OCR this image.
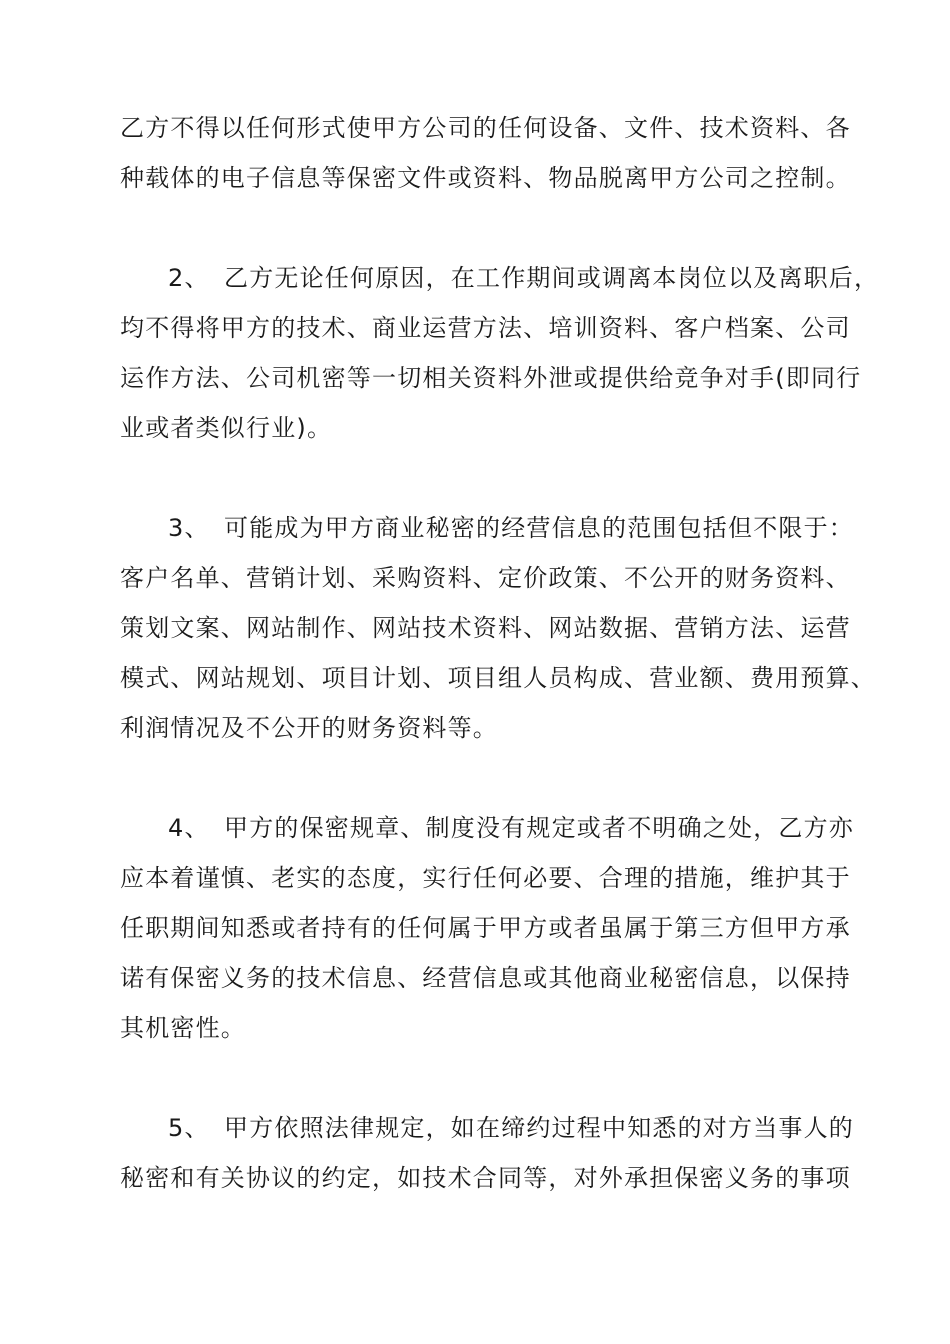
乙方不得以任何形式使甲方公司的任何设备、文件、技术资料、各
种载体的电子信息等保密文件或资料、物品脱离甲方公司之控制。
2、 乙方无论任何原因，在工作期间或调离本岗位以及离职后，
均不得将甲方的技术、商业运营方法、培训资料、客户档案、公司
运作方法、公司机密等一切相关资料外泄或提供给竞争对手(即同行
业或者类似行业)。
3、 可能成为甲方商业秘密的经营信息的范围包括但不限于：
客户名单、营销计划、采购资料、定价政策、不公开的财务资料、
策划文案、网站制作、网站技术资料、网站数据、营销方法、运营
模式、网站规划、项目计划、项目组人员构成、营业额、费用预算、
利润情况及不公开的财务资料等。
4、 甲方的保密规章、制度没有规定或者不明确之处，乙方亦
应本着谨慎、老实的态度，实行任何必要、合理的措施，维护其于
任职期间知悉或者持有的任何属于甲方或者虽属于第三方但甲方承
诺有保密义务的技术信息、经营信息或其他商业秘密信息，以保持
其机密性。
5、 甲方依照法律规定，如在缔约过程中知悉的对方当事人的
秘密和有关协议的约定，如技术合同等，对外承担保密义务的事项
